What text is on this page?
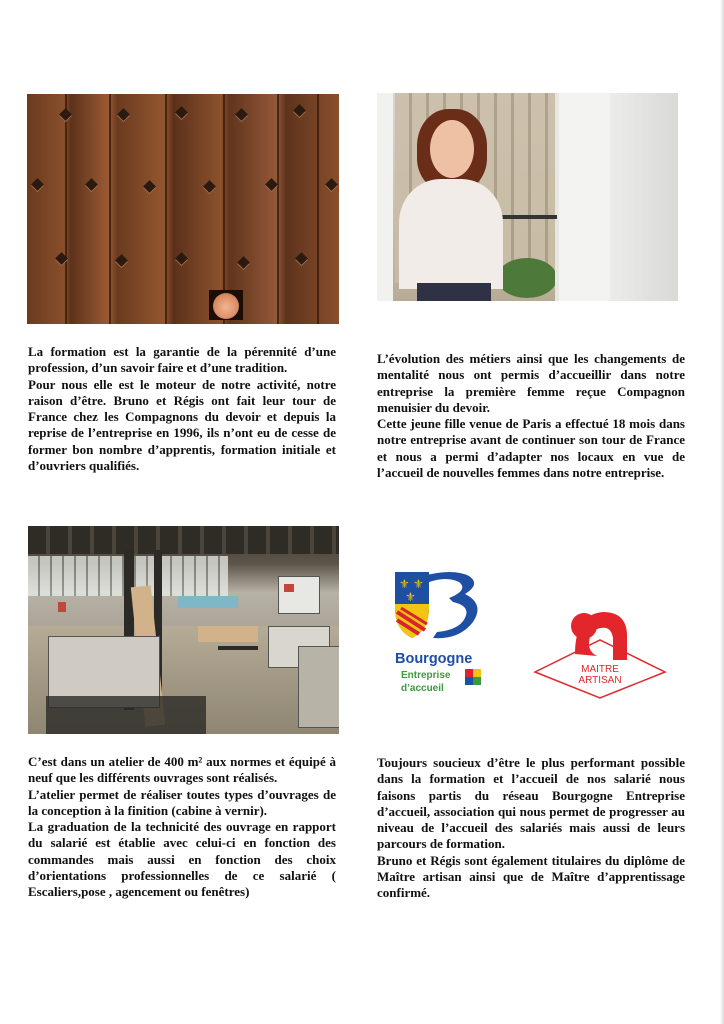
La formation est la garantie de la pérennité d’une profession, d’un savoir faire et d’une tradition.

Pour nous elle est le moteur de notre activité, notre raison d’être. Bruno et Régis ont fait leur tour de France chez les Compagnons du devoir et depuis la reprise de l’entreprise en 1996, ils n’ont eu de cesse de former bon nombre d’apprentis, formation initiale et d’ouvriers qualifiés.

L’évolution des métiers ainsi que les changements de mentalité nous ont permis d’accueillir dans notre entreprise la première femme reçue Compagnon menuisier du devoir.

Cette jeune fille venue de Paris a effectué 18 mois dans notre entreprise avant de continuer son tour de France et nous a permi d’adapter nos locaux en vue de l’accueil de nouvelles femmes dans notre entreprise.

⚜ ⚜
⚜
Bourgogne
Entreprise
d’accueil
MAITRE
ARTISAN

C’est dans un atelier de 400 m² aux normes et équipé à neuf que les différents ouvrages sont réalisés.

L’atelier permet de réaliser toutes types d’ouvrages de la conception à la finition (cabine à vernir).

La graduation de la technicité des ouvrage en rapport du salarié est établie avec celui-ci en fonction des commandes mais aussi en fonction des choix d’orientations professionnelles de ce salarié ( Escaliers,pose , agencement ou fenêtres)

Toujours soucieux d’être le plus performant possible dans la formation et l’accueil de nos salarié nous faisons partis du réseau Bourgogne Entreprise d’accueil, association qui nous permet de progresser au niveau de l’accueil des salariés mais aussi de leurs parcours de formation.

Bruno et Régis sont également titulaires du diplôme de Maître artisan ainsi que de Maître d’apprentissage confirmé.
